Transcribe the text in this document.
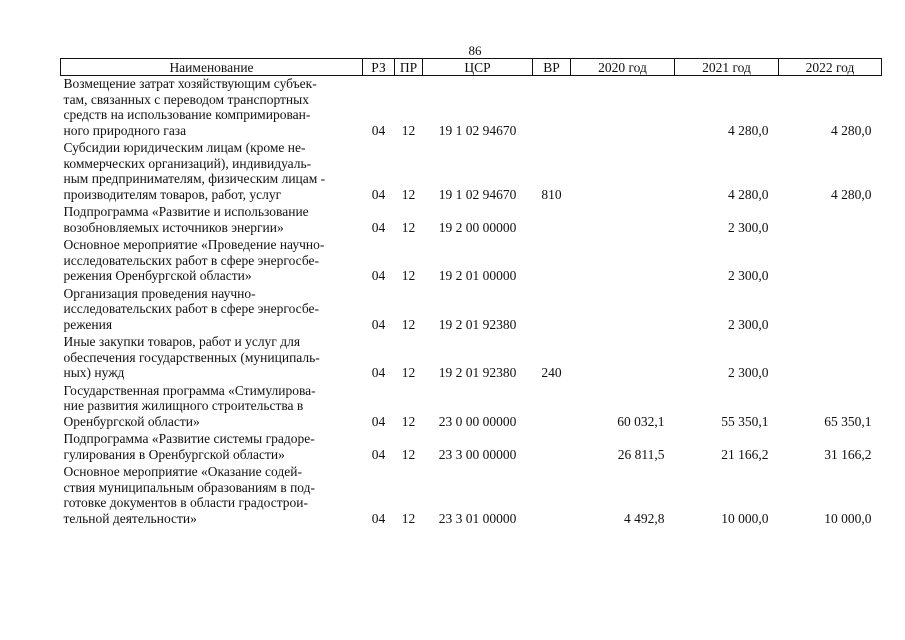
86
Наименование	РЗ	ПР	ЦСР	ВР	2020 год	2021 год	2022 год
Возмещение затрат хозяйствующим субъек-
там, связанных с переводом транспортных
средств на использование компримирован-
ного природного газа	04	12	19 1 02 94670			4 280,0	4 280,0
Субсидии юридическим лицам (кроме не-
коммерческих организаций), индивидуаль-
ным предпринимателям, физическим лицам -
производителям товаров, работ, услуг	04	12	19 1 02 94670	810		4 280,0	4 280,0
Подпрограмма «Развитие и использование
возобновляемых источников энергии»	04	12	19 2 00 00000			2 300,0	
Основное мероприятие «Проведение научно-
исследовательских работ в сфере энергосбе-
режения Оренбургской области»	04	12	19 2 01 00000			2 300,0	
Организация проведения научно-
исследовательских работ в сфере энергосбе-
режения	04	12	19 2 01 92380			2 300,0	
Иные закупки товаров, работ и услуг для
обеспечения государственных (муниципаль-
ных) нужд	04	12	19 2 01 92380	240		2 300,0	
Государственная программа «Стимулирова-
ние развития жилищного строительства в
Оренбургской области»	04	12	23 0 00 00000		60 032,1	55 350,1	65 350,1
Подпрограмма «Развитие системы градоре-
гулирования в Оренбургской области»	04	12	23 3 00 00000		26 811,5	21 166,2	31 166,2
Основное мероприятие «Оказание содей-
ствия муниципальным образованиям в под-
готовке документов в области градострои-
тельной деятельности»	04	12	23 3 01 00000		4 492,8	10 000,0	10 000,0
